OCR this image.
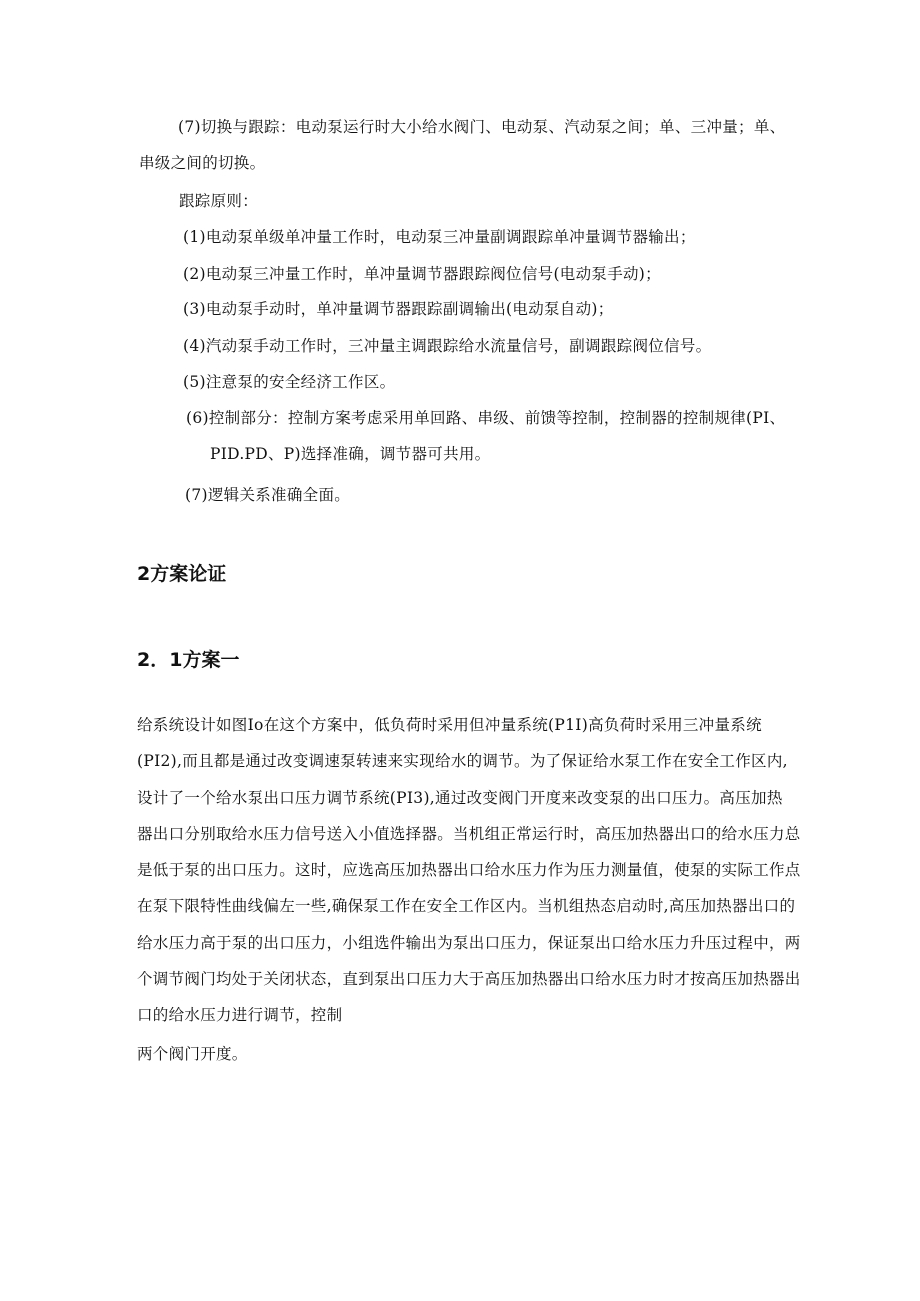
(7)切换与跟踪：电动泵运行时大小给水阀门、电动泵、汽动泵之间；单、三冲量；单、
串级之间的切换。
跟踪原则：
(1)电动泵单级单冲量工作时，电动泵三冲量副调跟踪单冲量调节器输出；
(2)电动泵三冲量工作时，单冲量调节器跟踪阀位信号(电动泵手动)；
(3)电动泵手动时，单冲量调节器跟踪副调输出(电动泵自动)；
(4)汽动泵手动工作时，三冲量主调跟踪给水流量信号，副调跟踪阀位信号。
(5)注意泵的安全经济工作区。
(6)控制部分：控制方案考虑采用单回路、串级、前馈等控制，控制器的控制规律(PI、
PID.PD、P)选择准确，调节器可共用。
(7)逻辑关系准确全面。
2方案论证
2．1方案一
给系统设计如图Io在这个方案中，低负荷时采用但冲量系统(P1I)高负荷时采用三冲量系统
(PI2),而且都是通过改变调速泵转速来实现给水的调节。为了保证给水泵工作在安全工作区内,
设计了一个给水泵出口压力调节系统(PI3),通过改变阀门开度来改变泵的出口压力。高压加热
器出口分别取给水压力信号送入小值选择器。当机组正常运行时，高压加热器出口的给水压力总
是低于泵的出口压力。这时，应选高压加热器出口给水压力作为压力测量值，使泵的实际工作点
在泵下限特性曲线偏左一些,确保泵工作在安全工作区内。当机组热态启动时,高压加热器出口的
给水压力高于泵的出口压力，小组选件输出为泵出口压力，保证泵出口给水压力升压过程中，两
个调节阀门均处于关闭状态，直到泵出口压力大于高压加热器出口给水压力时才按高压加热器出
口的给水压力进行调节，控制
两个阀门开度。
